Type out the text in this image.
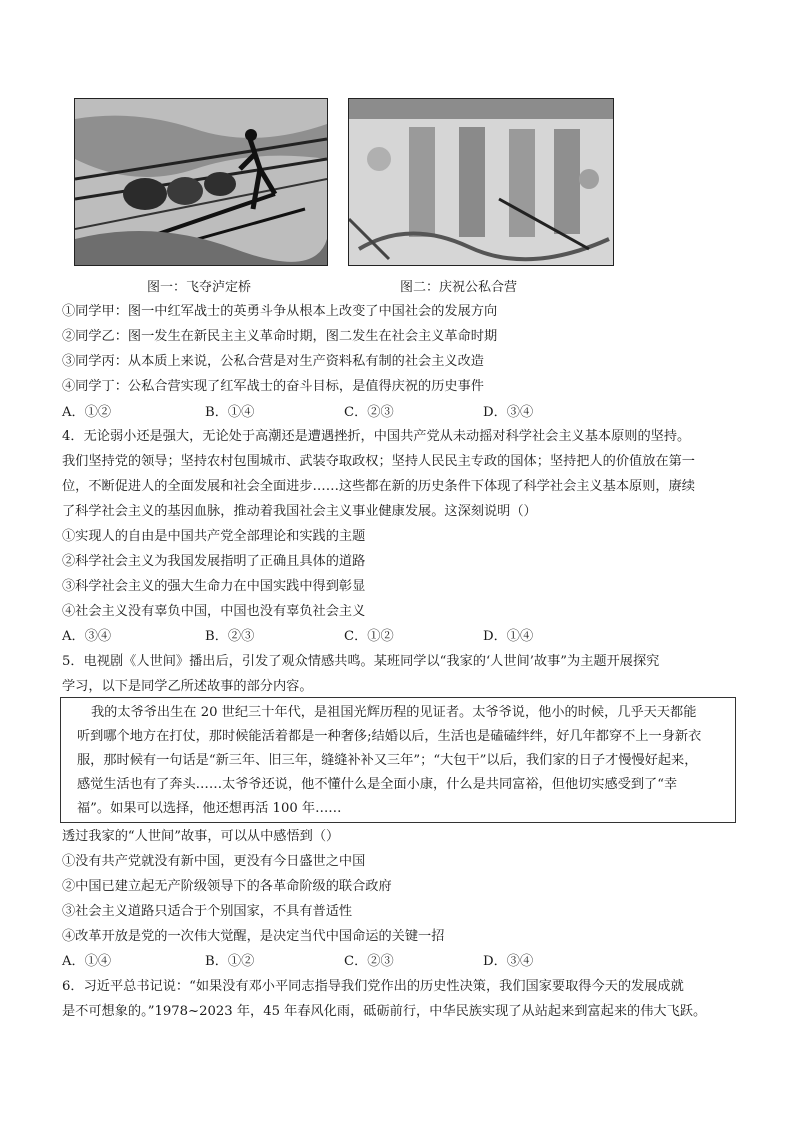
图一：飞夺泸定桥	图二：庆祝公私合营
①同学甲：图一中红军战士的英勇斗争从根本上改变了中国社会的发展方向
②同学乙：图一发生在新民主主义革命时期，图二发生在社会主义革命时期
③同学丙：从本质上来说，公私合营是对生产资料私有制的社会主义改造
④同学丁：公私合营实现了红军战士的奋斗目标，是值得庆祝的历史事件
A．①②	B．①④	C．②③	D．③④
4．无论弱小还是强大，无论处于高潮还是遭遇挫折，中国共产党从未动摇对科学社会主义基本原则的坚持。
我们坚持党的领导；坚持农村包围城市、武装夺取政权；坚持人民民主专政的国体；坚持把人的价值放在第一
位，不断促进人的全面发展和社会全面进步……这些都在新的历史条件下体现了科学社会主义基本原则，赓续
了科学社会主义的基因血脉，推动着我国社会主义事业健康发展。这深刻说明（）
①实现人的自由是中国共产党全部理论和实践的主题
②科学社会主义为我国发展指明了正确且具体的道路
③科学社会主义的强大生命力在中国实践中得到彰显
④社会主义没有辜负中国，中国也没有辜负社会主义
A．③④	B．②③	C．①②	D．①④
5．电视剧《人世间》播出后，引发了观众情感共鸣。某班同学以“我家的‘人世间’故事”为主题开展探究
学习，以下是同学乙所述故事的部分内容。
我的太爷爷出生在 20 世纪三十年代，是祖国光辉历程的见证者。太爷爷说，他小的时候，几乎天天都能
听到哪个地方在打仗，那时候能活着都是一种奢侈;结婚以后，生活也是磕磕绊绊，好几年都穿不上一身新衣
服，那时候有一句话是“新三年、旧三年，缝缝补补又三年”；“大包干”以后，我们家的日子才慢慢好起来，
感觉生活也有了奔头……太爷爷还说，他不懂什么是全面小康，什么是共同富裕，但他切实感受到了“幸
福”。如果可以选择，他还想再活 100 年……
透过我家的“人世间”故事，可以从中感悟到（）
①没有共产党就没有新中国，更没有今日盛世之中国
②中国已建立起无产阶级领导下的各革命阶级的联合政府
③社会主义道路只适合于个别国家，不具有普适性
④改革开放是党的一次伟大觉醒，是决定当代中国命运的关键一招
A．①④	B．①②	C．②③	D．③④
6．习近平总书记说：“如果没有邓小平同志指导我们党作出的历史性决策，我们国家要取得今天的发展成就
是不可想象的。”1978~2023 年，45 年春风化雨，砥砺前行，中华民族实现了从站起来到富起来的伟大飞跃。
